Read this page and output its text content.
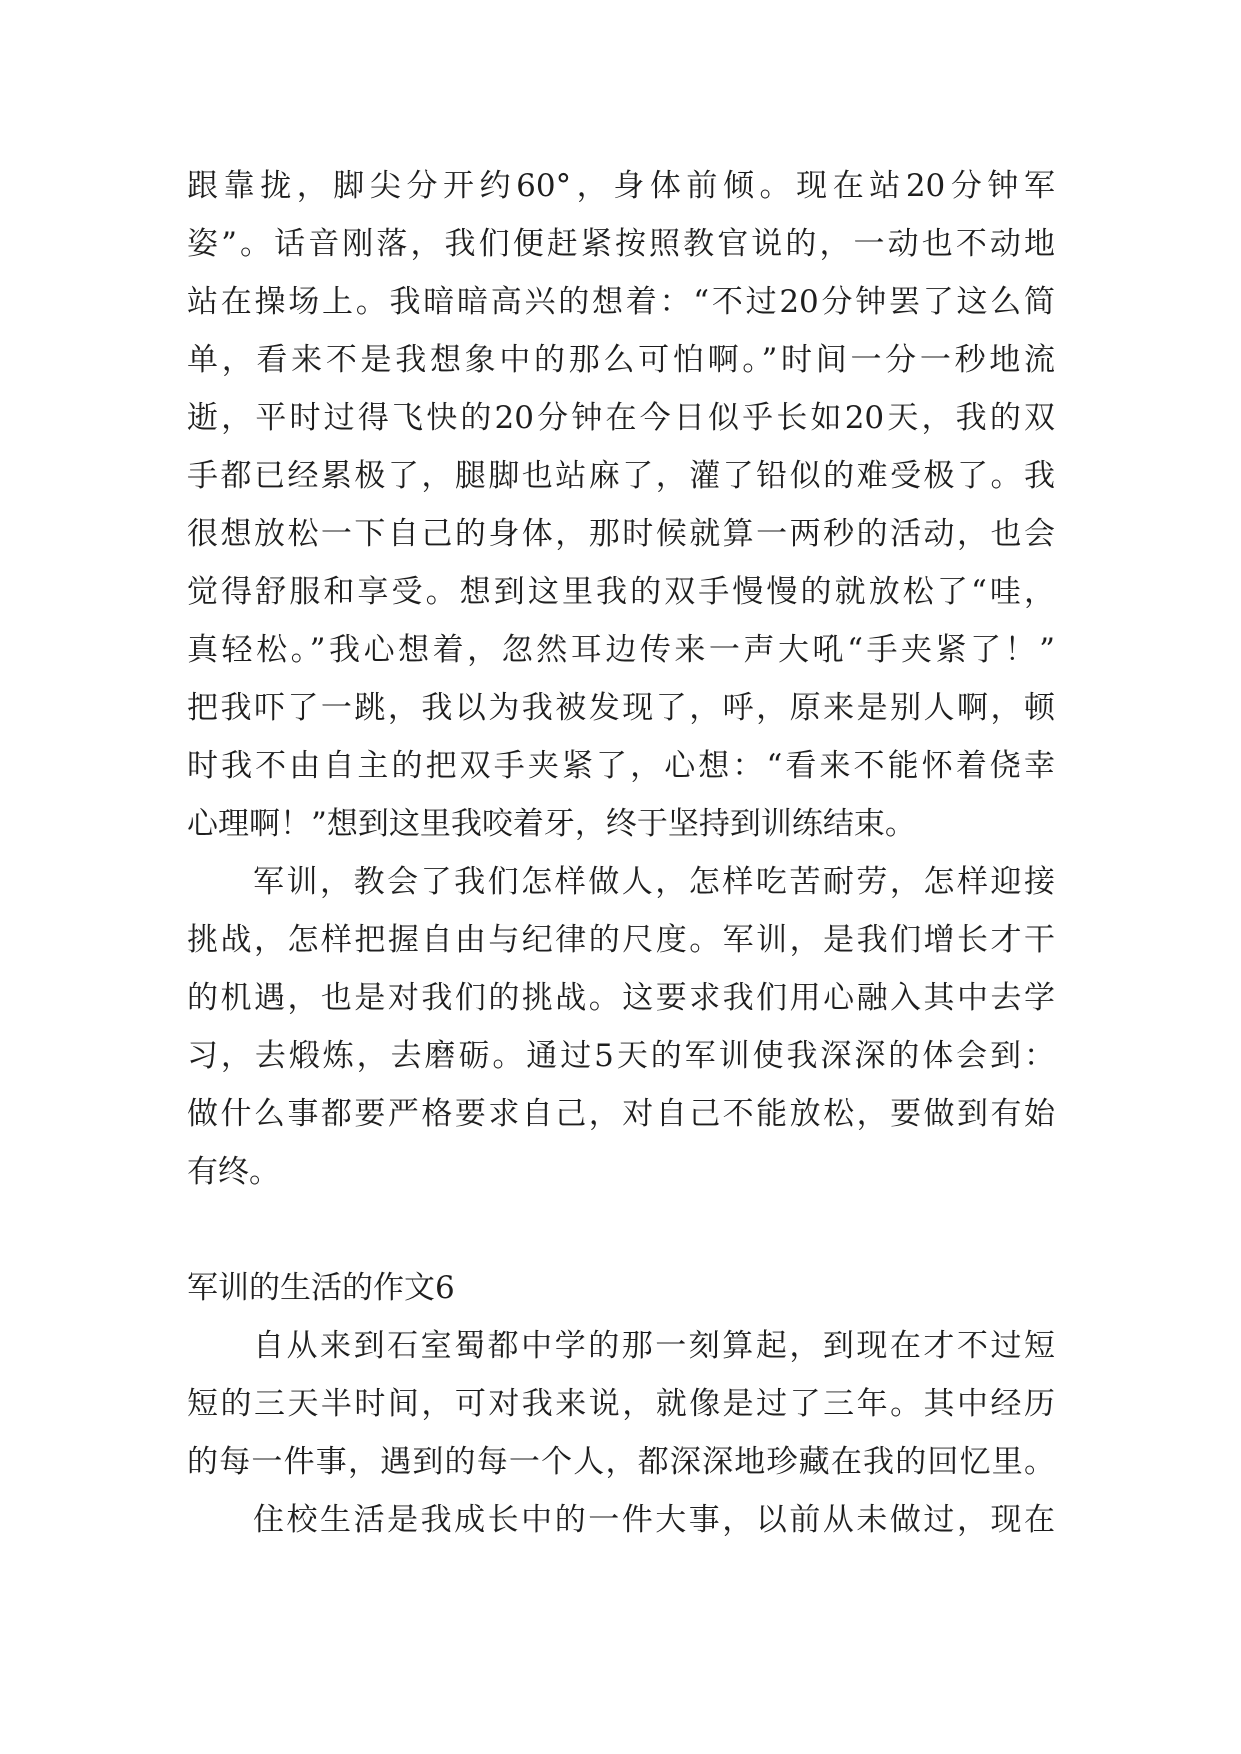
跟靠拢，脚尖分开约60°，身体前倾。现在站20分钟军
姿”。话音刚落，我们便赶紧按照教官说的，一动也不动地
站在操场上。我暗暗高兴的想着：“不过20分钟罢了这么简
单，看来不是我想象中的那么可怕啊。”时间一分一秒地流
逝，平时过得飞快的20分钟在今日似乎长如20天，我的双
手都已经累极了，腿脚也站麻了，灌了铅似的难受极了。我
很想放松一下自己的身体，那时候就算一两秒的活动，也会
觉得舒服和享受。想到这里我的双手慢慢的就放松了“哇，
真轻松。”我心想着，忽然耳边传来一声大吼“手夹紧了！”
把我吓了一跳，我以为我被发现了，呼，原来是别人啊，顿
时我不由自主的把双手夹紧了，心想：“看来不能怀着侥幸
心理啊！”想到这里我咬着牙，终于坚持到训练结束。
军训，教会了我们怎样做人，怎样吃苦耐劳，怎样迎接
挑战，怎样把握自由与纪律的尺度。军训，是我们增长才干
的机遇，也是对我们的挑战。这要求我们用心融入其中去学
习，去煅炼，去磨砺。通过5天的军训使我深深的体会到：
做什么事都要严格要求自己，对自己不能放松，要做到有始
有终。
军训的生活的作文6
自从来到石室蜀都中学的那一刻算起，到现在才不过短
短的三天半时间，可对我来说，就像是过了三年。其中经历
的每一件事，遇到的每一个人，都深深地珍藏在我的回忆里。
住校生活是我成长中的一件大事，以前从未做过，现在
